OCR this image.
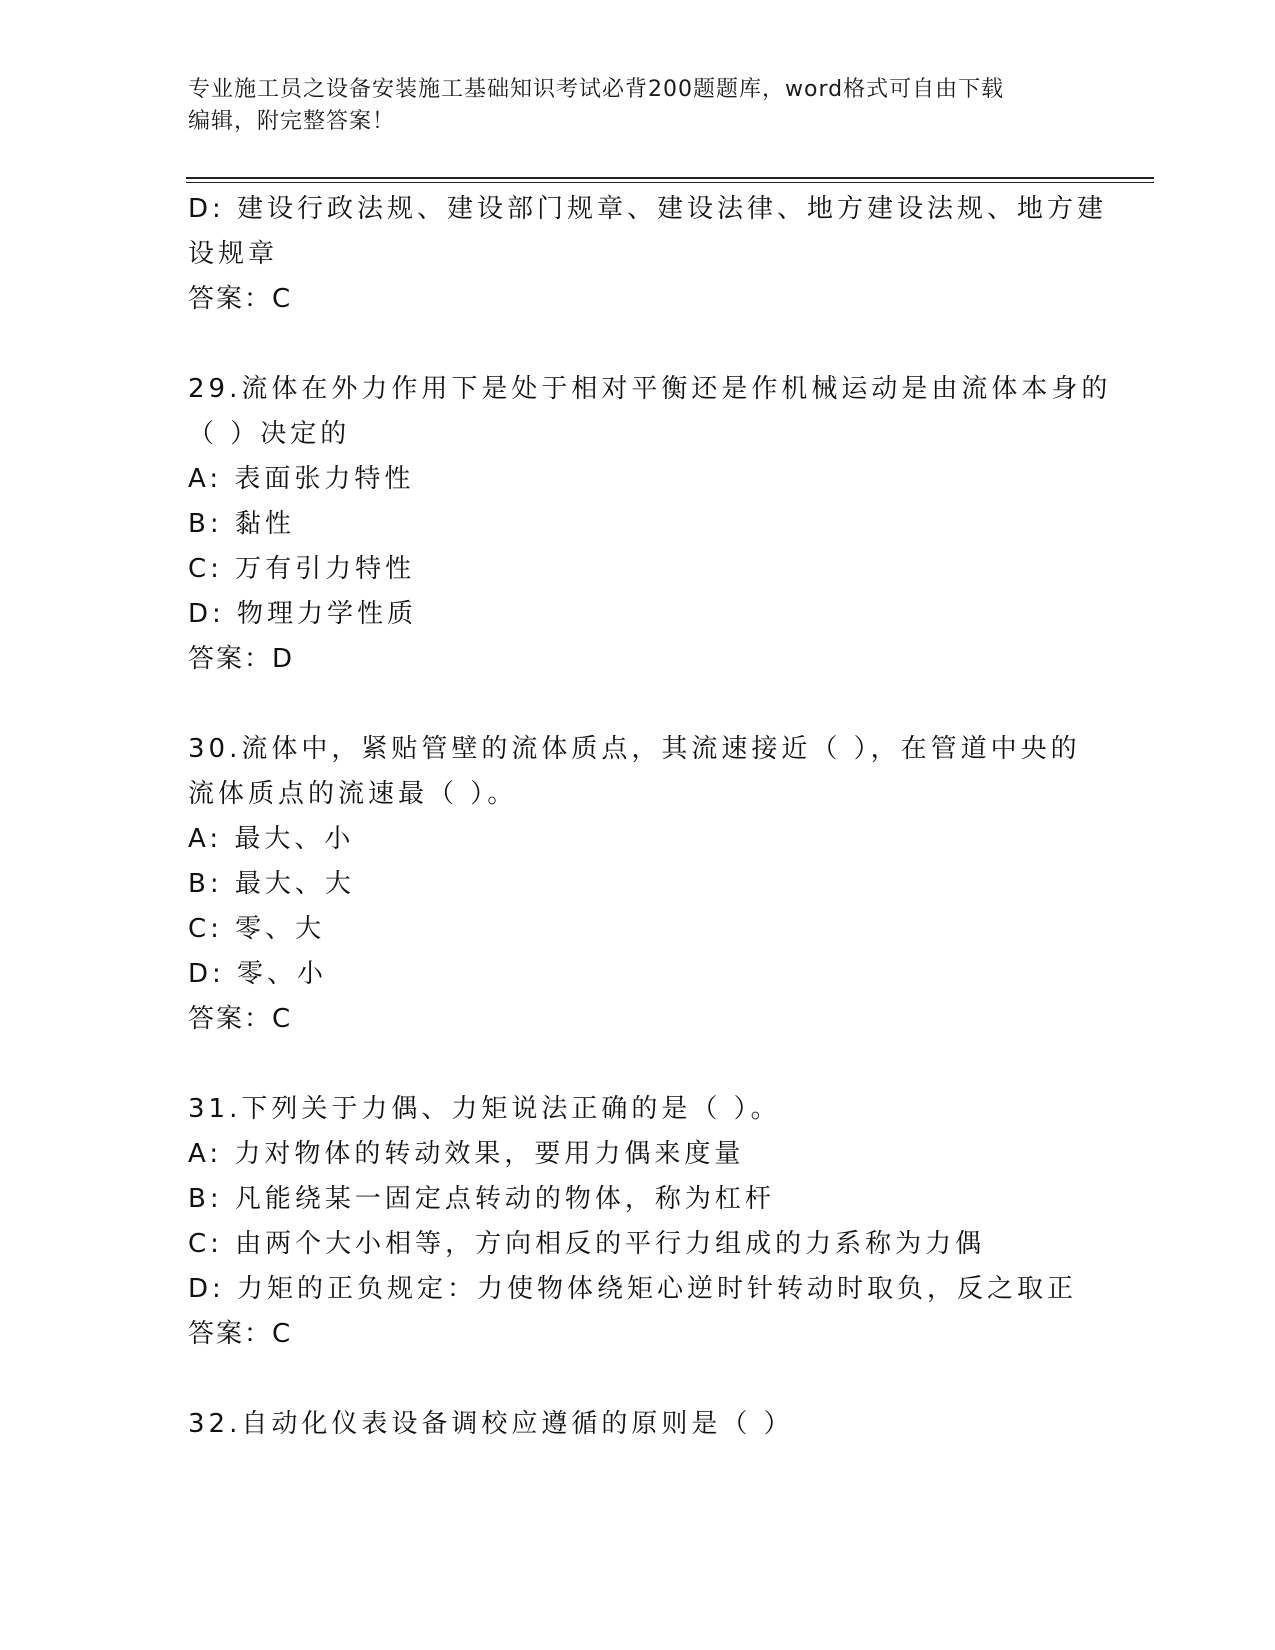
专业施工员之设备安装施工基础知识考试必背200题题库，word格式可自由下载
编辑，附完整答案！
D: 建设行政法规、建设部门规章、建设法律、地方建设法规、地方建
设规章
答案：C
29.流体在外力作用下是处于相对平衡还是作机械运动是由流体本身的
（ ）决定的
A: 表面张力特性
B: 黏性
C: 万有引力特性
D: 物理力学性质
答案：D
30.流体中，紧贴管壁的流体质点，其流速接近（ ），在管道中央的
流体质点的流速最（ ）。
A: 最大、小
B: 最大、大
C: 零、大
D: 零、小
答案：C
31.下列关于力偶、力矩说法正确的是（ ）。
A: 力对物体的转动效果，要用力偶来度量
B: 凡能绕某一固定点转动的物体，称为杠杆
C: 由两个大小相等，方向相反的平行力组成的力系称为力偶
D: 力矩的正负规定：力使物体绕矩心逆时针转动时取负，反之取正
答案：C
32.自动化仪表设备调校应遵循的原则是（ ）
